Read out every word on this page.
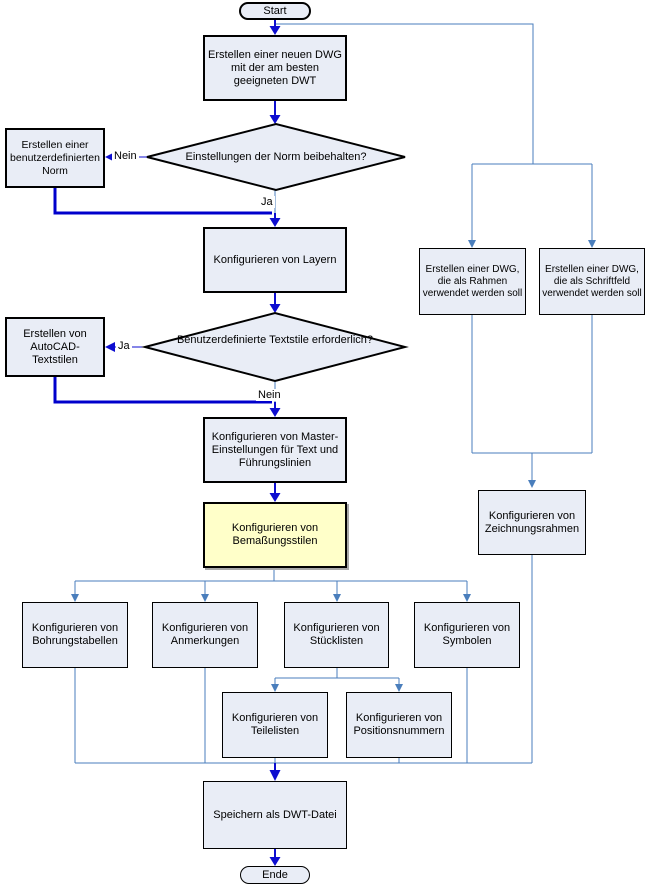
Start
Erstellen einer neuen DWG mit der am besten geeigneten DWT
Einstellungen der Norm beibehalten?
Erstellen einer benutzerdefinierten Norm
Konfigurieren von Layern
Benutzerdefinierte Textstile erforderlich?
Erstellen von AutoCAD-Textstilen
Konfigurieren von Master-Einstellungen für Text und Führungslinien
Konfigurieren von Bemaßungsstilen
Erstellen einer DWG, die als Rahmen verwendet werden soll
Erstellen einer DWG, die als Schriftfeld verwendet werden soll
Konfigurieren von Zeichnungsrahmen
Konfigurieren von Bohrungstabellen
Konfigurieren von Anmerkungen
Konfigurieren von Stücklisten
Konfigurieren von Symbolen
Konfigurieren von Teilelisten
Konfigurieren von Positionsnummern
Speichern als DWT-Datei
Ende
Nein
Ja
Ja
Nein
